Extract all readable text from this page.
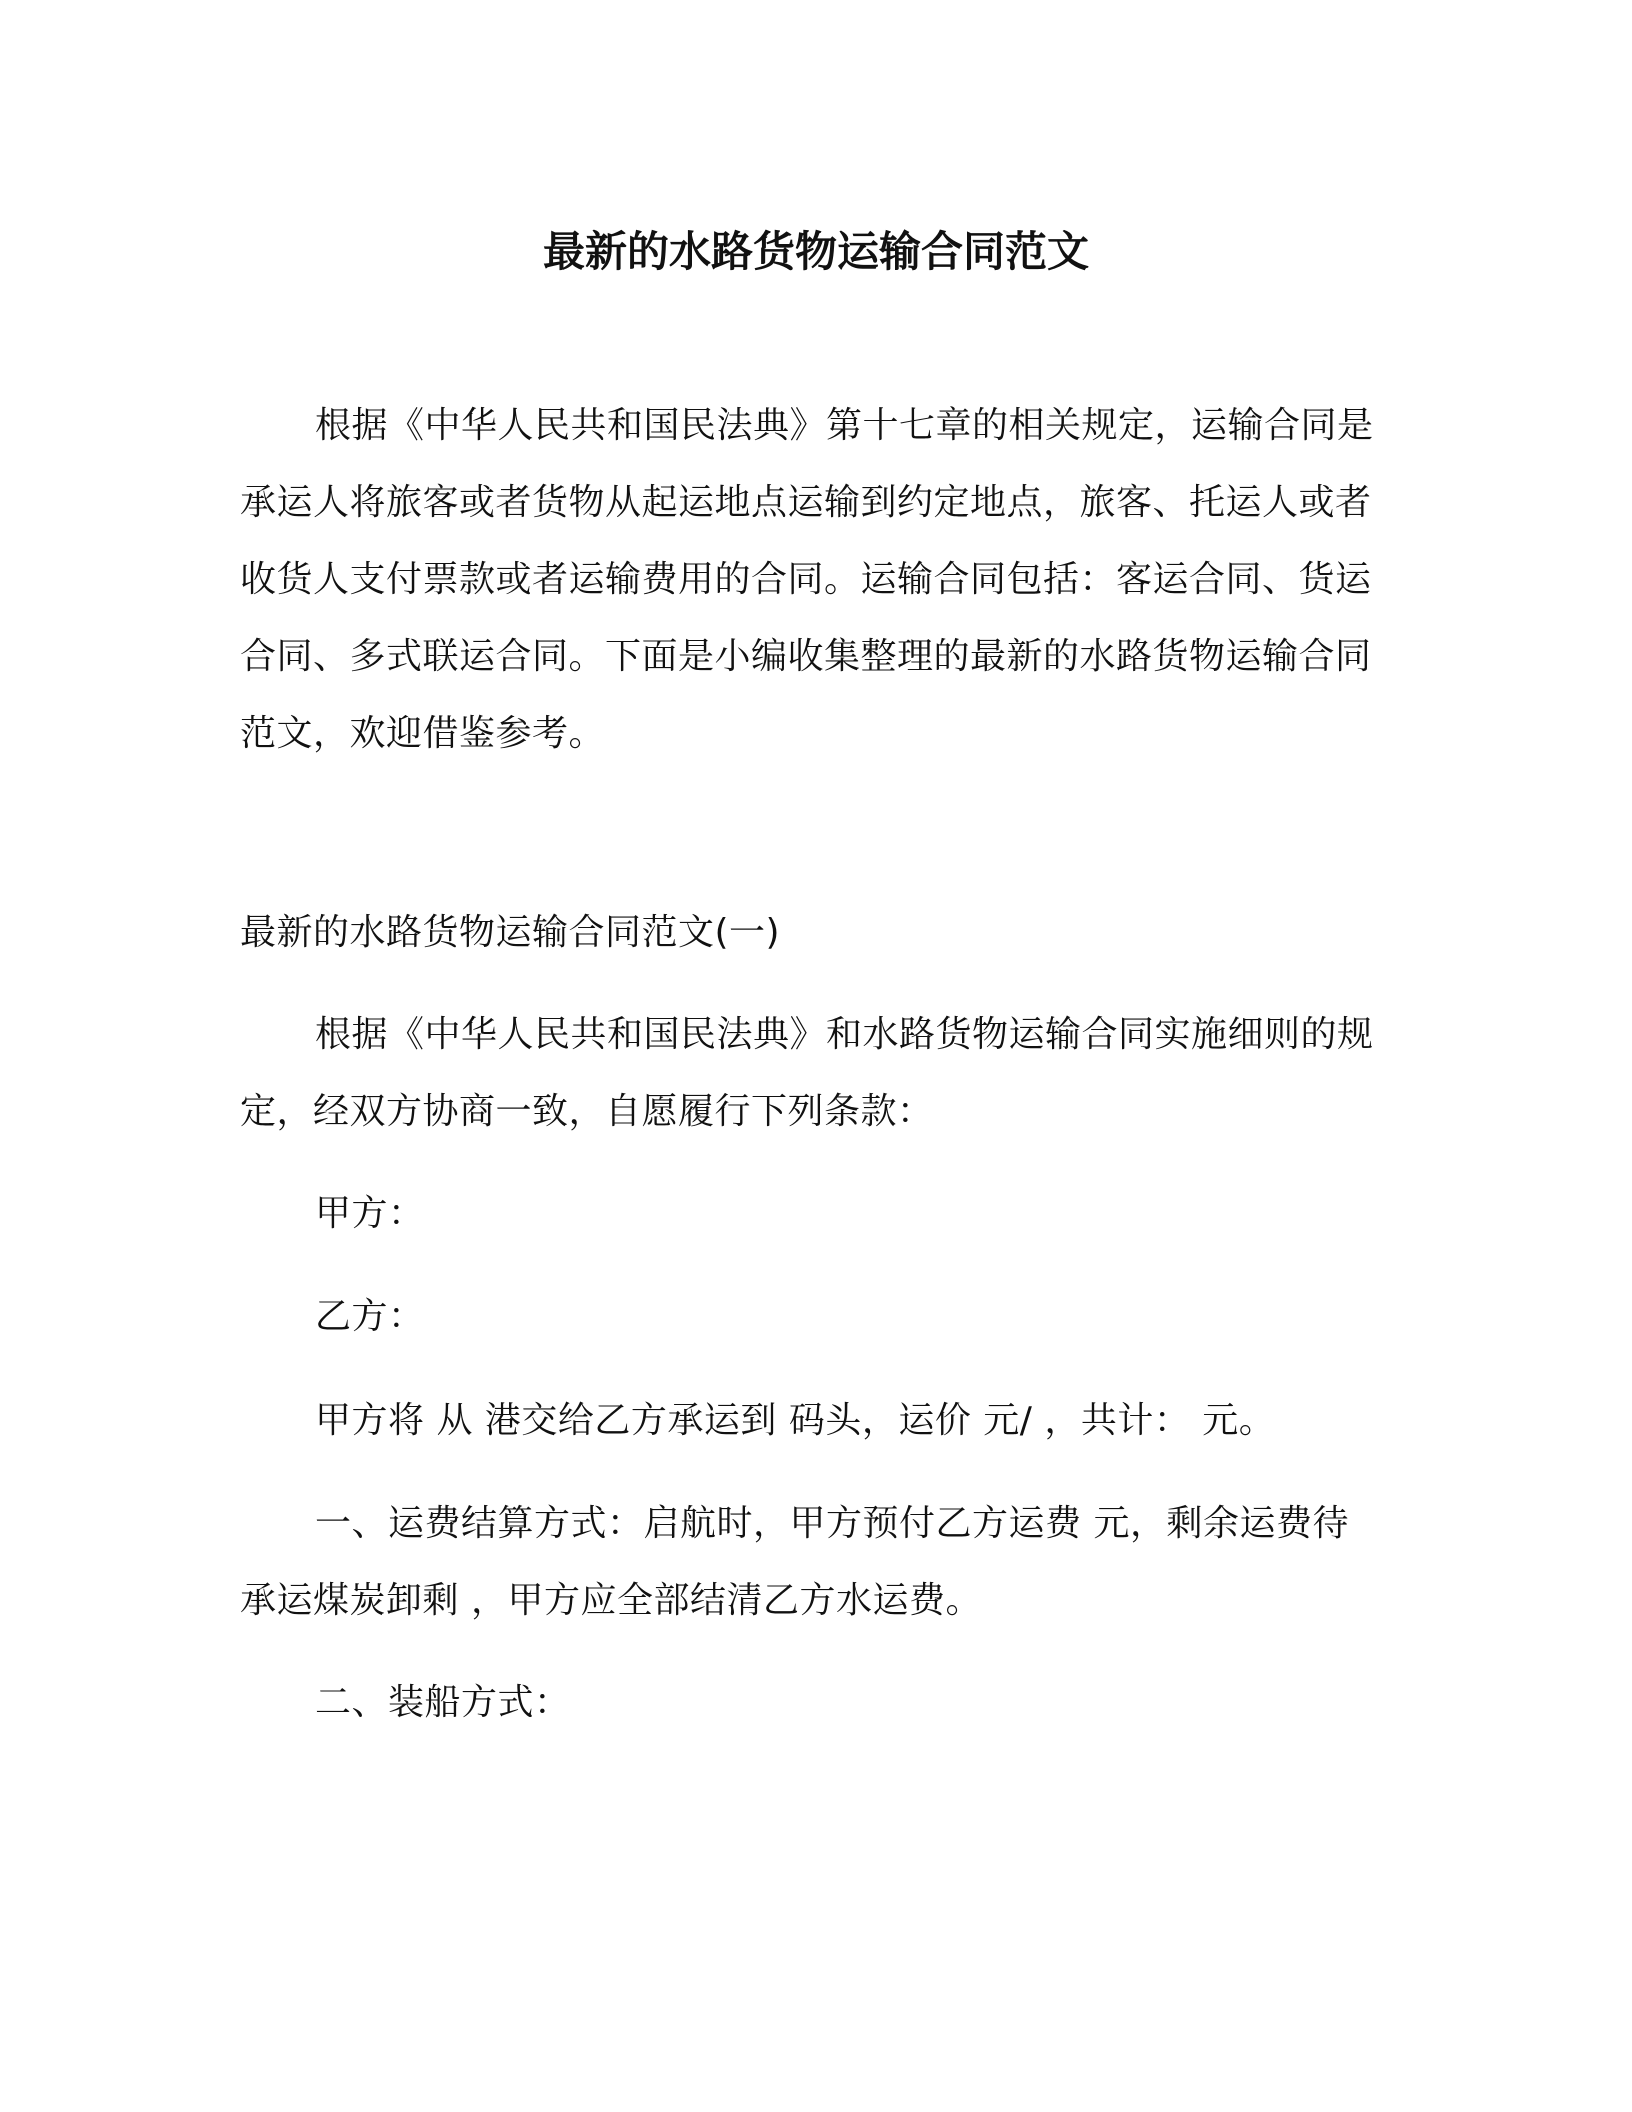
最新的水路货物运输合同范文

根据《中华人民共和国民法典》第十七章的相关规定，运输合同是承运人将旅客或者货物从起运地点运输到约定地点，旅客、托运人或者收货人支付票款或者运输费用的合同。运输合同包括：客运合同、货运合同、多式联运合同。下面是小编收集整理的最新的水路货物运输合同范文，欢迎借鉴参考。

最新的水路货物运输合同范文(一)

根据《中华人民共和国民法典》和水路货物运输合同实施细则的规定，经双方协商一致，自愿履行下列条款：

甲方：

乙方：

甲方将 从 港交给乙方承运到 码头，运价 元/ ，共计： 元。

一、运费结算方式：启航时，甲方预付乙方运费 元，剩余运费待承运煤炭卸剩 ，甲方应全部结清乙方水运费。

二、装船方式：
